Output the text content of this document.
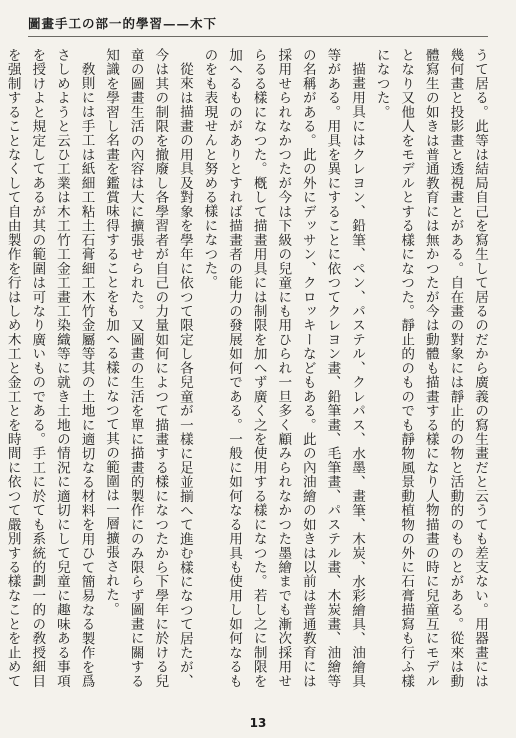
圖畫手工の部一的學習——木下

うて居る。此等は結局自己を寫生して居るのだから廣義の寫生畫だと云うても差支ない。用器畫には幾何畫と投影畫と透視畫とがある。自在畫の對象には靜止的の物と活動的のものとがある。從來は動體寫生の如きは普通教育には無かつたが今は動體も描畫する樣になり人物描畫の時に兒童互にモデルとなり又他人をモデルとする樣になつた。靜止的のものでも靜物風景動植物の外に石膏描寫も行ふ樣になつた。

描畫用具にはクレヨン、鉛筆、ペン、パステル、クレパス、水墨、畫筆、木炭、水彩繪具、油繪具等がある。用具を異にすることに依つてクレヨン畫、鉛筆畫、毛筆畫、パステル畫、木炭畫、油繪等の名稱がある。此の外にデッサン、クロッキーなどもある。此の內油繪の如きは以前は普通教育には採用せられなかつたが今は下級の兒童にも用ひられ一旦多く顧みられなかつた墨繪までも漸次採用せらるる樣になつた。槪して描畫用具には制限を加へず廣く之を使用する樣になつた。若し之に制限を加へるものがありとすれば描畫者の能力の發展如何である。一般に如何なる用具も使用し如何なるものをも表現せんと努める樣になつた。

從來は描畫の用具及對象を學年に依つて限定し各兒童が一樣に足並揃へて進む樣になつて居たが、今は其の制限を撤廢し各學習者が自己の力量如何によつて描畫する樣になつたから下學年に於ける兒童の圖畫生活の內容は大に擴張せられた。又圖畫の生活を單に描畫的製作にのみ限らず圖畫に關する知識を學習し名畫を鑑賞味得することをも加へる樣になつて其の範圍は一層擴張された。

敎則には手工は紙細工粘土石膏細工木竹金屬等其の土地に適切なる材料を用ひて簡易なる製作を爲さしめようと云ひ工業は木工竹工金工畫工染織等に就き土地の情況に適切にして兒童に趣味ある事項を授けよと規定してあるが其の範圍は可なり廣いものである。手工に於ても系統的劃一的の敎授細目を强制することなくして自由製作を行はしめ木工と金工とを時間に依つて嚴別する樣なことを止めて

13
